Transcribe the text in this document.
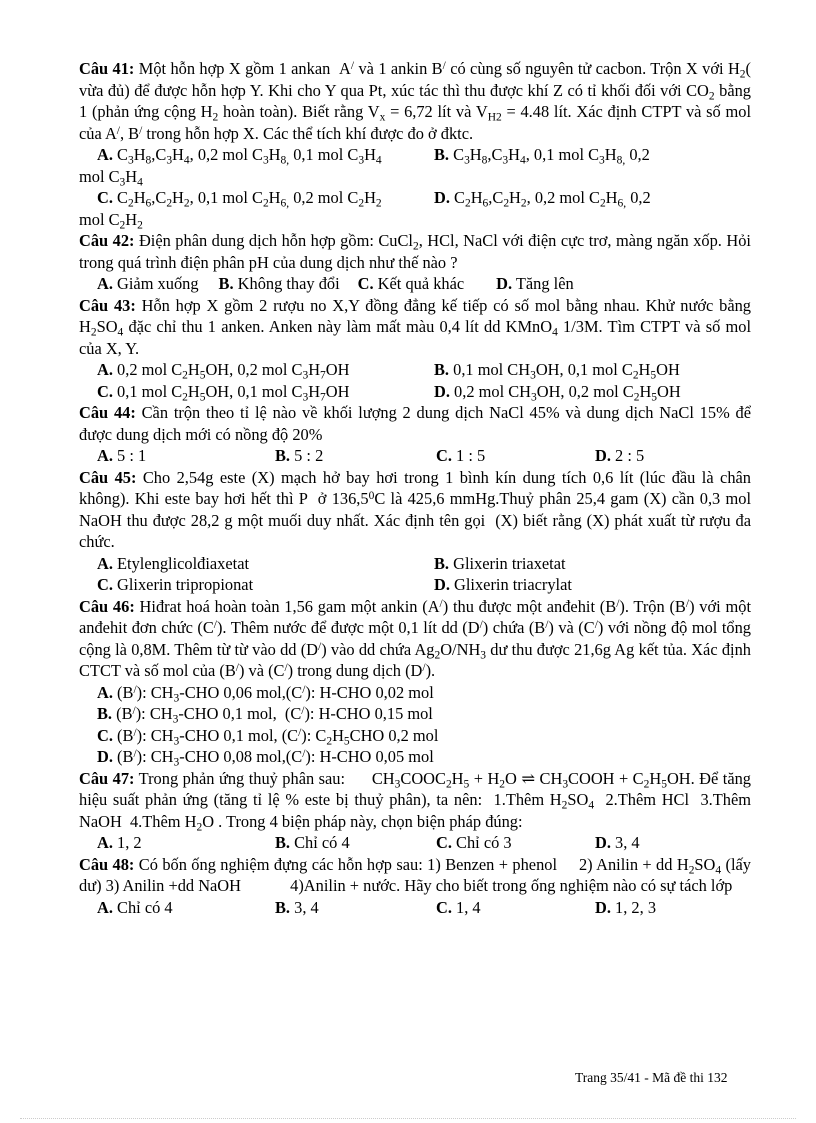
Câu 41: Một hỗn hợp X gồm 1 ankan  A/ và 1 ankin B/ có cùng số nguyên tử cacbon. Trộn X với $H_2$( vừa đủ) để được hỗn hợp Y. Khi cho Y qua Pt, xúc tác thì thu được khí Z có tỉ khối đối với $CO_2$ bằng 1 (phản ứng cộng $H_2$ hoàn toàn). Biết rằng $V_x = 6,72$ lít và $V_{H2} = 4.48$ lít. Xác định CTPT và số mol của A/, B/ trong hỗn hợp X. Các thể tích khí được đo ở đktc.
A. $C_3H_8,C_3H_4$, 0,2 mol $C_3H_{8,}$ 0,1 mol $C_3H_4$	B. $C_3H_8,C_3H_4$, 0,1 mol $C_3H_{8,}$ 0,2
mol $C_3H_4$
C. $C_2H_6,C_2H_2$, 0,1 mol $C_2H_{6,}$ 0,2 mol $C_2H_2$	D. $C_2H_6,C_2H_2$, 0,2 mol $C_2H_{6,}$ 0,2
mol $C_2H_2$
Câu 42: Điện phân dung dịch hỗn hợp gồm: CuCl$_2$, HCl, NaCl với điện cực trơ, màng ngăn xốp. Hỏi trong quá trình điện phân pH của dung dịch như thế nào ?
A. Giảm xuống B. Không thay đổi C. Kết quả khác D. Tăng lên
Câu 43: Hỗn hợp X gồm 2 rượu no X,Y đồng đẳng kế tiếp có số mol bằng nhau. Khử nước bằng $H_2SO_4$ đặc chỉ thu 1 anken. Anken này làm mất màu 0,4 lít dd KMnO$_4$ 1/3M. Tìm CTPT và số mol của X, Y.
A. 0,2 mol $C_2H_5OH$, 0,2 mol $C_3H_7OH$	B. 0,1 mol $CH_3OH$, 0,1 mol $C_2H_5OH$
C. 0,1 mol $C_2H_5OH$, 0,1 mol $C_3H_7OH$	D. 0,2 mol $CH_3OH$, 0,2 mol $C_2H_5OH$
Câu 44: Cần trộn theo tỉ lệ nào về khối lượng 2 dung dịch NaCl 45% và dung dịch NaCl 15% để được dung dịch mới có nồng độ 20%
A. 5 : 1	B. 5 : 2	C. 1 : 5	D. 2 : 5
Câu 45: Cho 2,54g este (X) mạch hở bay hơi trong 1 bình kín dung tích 0,6 lít (lúc đầu là chân không). Khi este bay hơi hết thì P  ở 136,5$^0$C là 425,6 mmHg.Thuỷ phân 25,4 gam (X) cần 0,3 mol NaOH thu được 28,2 g một muối duy nhất. Xác định tên gọi  (X) biết rằng (X) phát xuất từ rượu đa chức.
A. Etylenglicolđiaxetat	B. Glixerin triaxetat
C. Glixerin tripropionat	D. Glixerin triacrylat
Câu 46: Hiđrat hoá hoàn toàn 1,56 gam một ankin (A/) thu được một anđehit (B/). Trộn (B/) với một anđehit đơn chức (C/). Thêm nước để được một 0,1 lít dd (D/) chứa (B/) và (C/) với nồng độ mol tổng cộng là 0,8M. Thêm từ từ vào dd (D/) vào dd chứa $Ag_2O/NH_3$ dư thu được 21,6g Ag kết tủa. Xác định CTCT và số mol của (B/) và (C/) trong dung dịch (D/).
A. (B/): $CH_3$-CHO 0,06 mol,(C/): H-CHO 0,02 mol
B. (B/): $CH_3$-CHO 0,1 mol,  (C/): H-CHO 0,15 mol
C. (B/): $CH_3$-CHO 0,1 mol, (C/): $C_2H_5CHO$ 0,2 mol
D. (B/): $CH_3$-CHO 0,08 mol,(C/): H-CHO 0,05 mol
Câu 47: Trong phản ứng thuỷ phân sau:      $CH_3COOC_2H_5 + H_2O$ ⇌ $CH_3COOH + C_2H_5OH$. Để tăng hiệu suất phản ứng (tăng tỉ lệ % este bị thuỷ phân), ta nên:  1.Thêm $H_2SO_4$  2.Thêm HCl  3.Thêm NaOH  4.Thêm $H_2O$ . Trong 4 biện pháp này, chọn biện pháp đúng:
A. 1, 2	B. Chỉ có 4	C. Chỉ có 3	D. 3, 4
Câu 48: Có bốn ống nghiệm đựng các hỗn hợp sau: 1) Benzen + phenol     2) Anilin + dd $H_2SO_4$ (lấy dư) 3) Anilin +dd NaOH            4)Anilin + nước. Hãy cho biết trong ống nghiệm nào có sự tách lớp
A. Chỉ có 4	B. 3, 4	C. 1, 4	D. 1, 2, 3
Trang 35/41 - Mã đề thi 132
